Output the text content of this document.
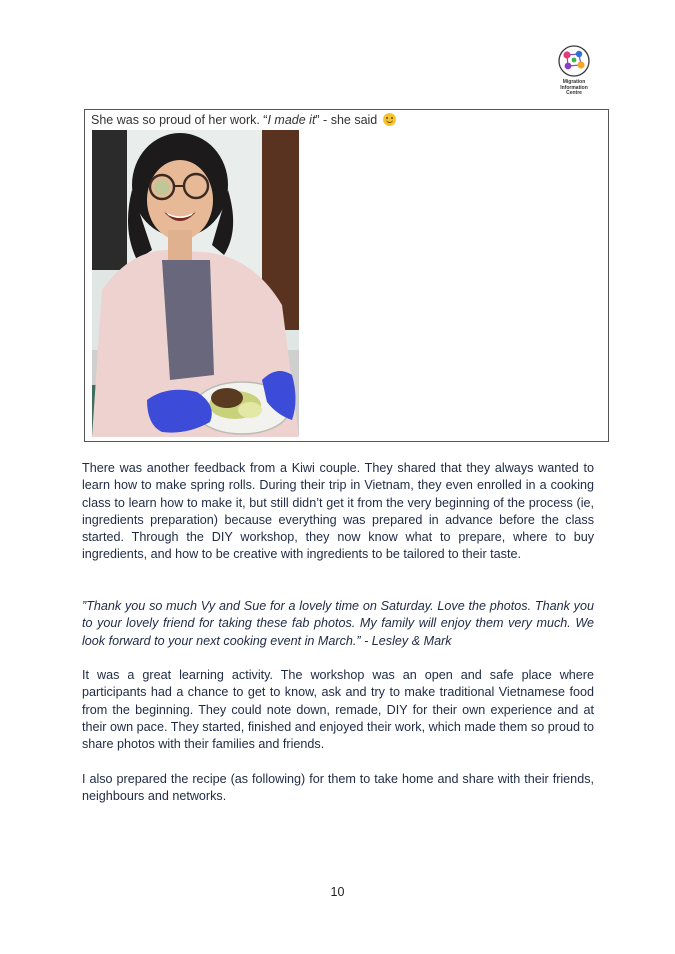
Migration
Information
Centre
She was so proud of her work. “I made it” - she said

There was another feedback from a Kiwi couple. They shared that they always wanted to learn how to make spring rolls. During their trip in Vietnam, they even enrolled in a cooking class to learn how to make it, but still didn’t get it from the very beginning of the process (ie, ingredients preparation) because everything was prepared in advance before the class started. Through the DIY workshop, they now know what to prepare, where to buy ingredients, and how to be creative with ingredients to be tailored to their taste.

”Thank you so much Vy and Sue for a lovely time on Saturday. Love the photos. Thank you to your lovely friend for taking these fab photos. My family will enjoy them very much. We look forward to your next cooking event in March.” - Lesley & Mark

It was a great learning activity. The workshop was an open and safe place where participants had a chance to get to know, ask and try to make traditional Vietnamese food from the beginning. They could note down, remade, DIY for their own experience and at their own pace. They started, finished and enjoyed their work, which made them so proud to share photos with their families and friends.

I also prepared the recipe (as following) for them to take home and share with their friends, neighbours and networks.

10
